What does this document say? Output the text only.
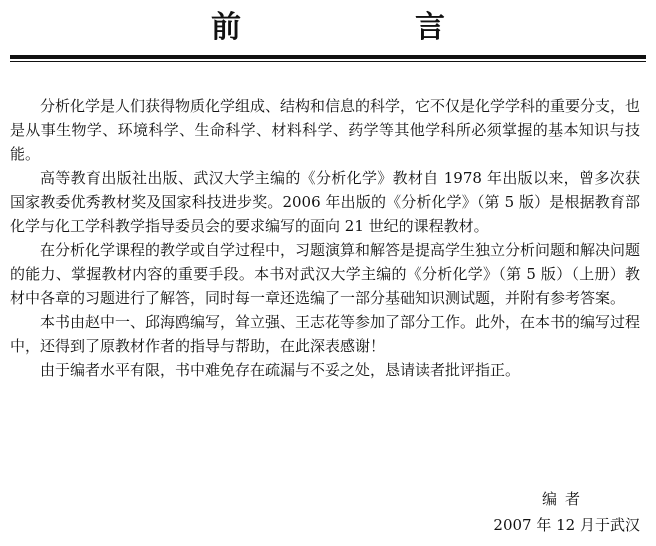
前　言

分析化学是人们获得物质化学组成、结构和信息的科学，它不仅是化学学科的重要分支，也是从事生物学、环境科学、生命科学、材料科学、药学等其他学科所必须掌握的基本知识与技能。

高等教育出版社出版、武汉大学主编的《分析化学》教材自 1978 年出版以来，曾多次获国家教委优秀教材奖及国家科技进步奖。2006 年出版的《分析化学》（第 5 版）是根据教育部化学与化工学科教学指导委员会的要求编写的面向 21 世纪的课程教材。

在分析化学课程的教学或自学过程中，习题演算和解答是提高学生独立分析问题和解决问题的能力、掌握教材内容的重要手段。本书对武汉大学主编的《分析化学》（第 5 版）（上册）教材中各章的习题进行了解答，同时每一章还选编了一部分基础知识测试题，并附有参考答案。

本书由赵中一、邱海鸥编写，耸立强、王志花等参加了部分工作。此外，在本书的编写过程中，还得到了原教材作者的指导与帮助，在此深表感谢！

由于编者水平有限，书中难免存在疏漏与不妥之处，恳请读者批评指正。

编者
2007 年 12 月于武汉
